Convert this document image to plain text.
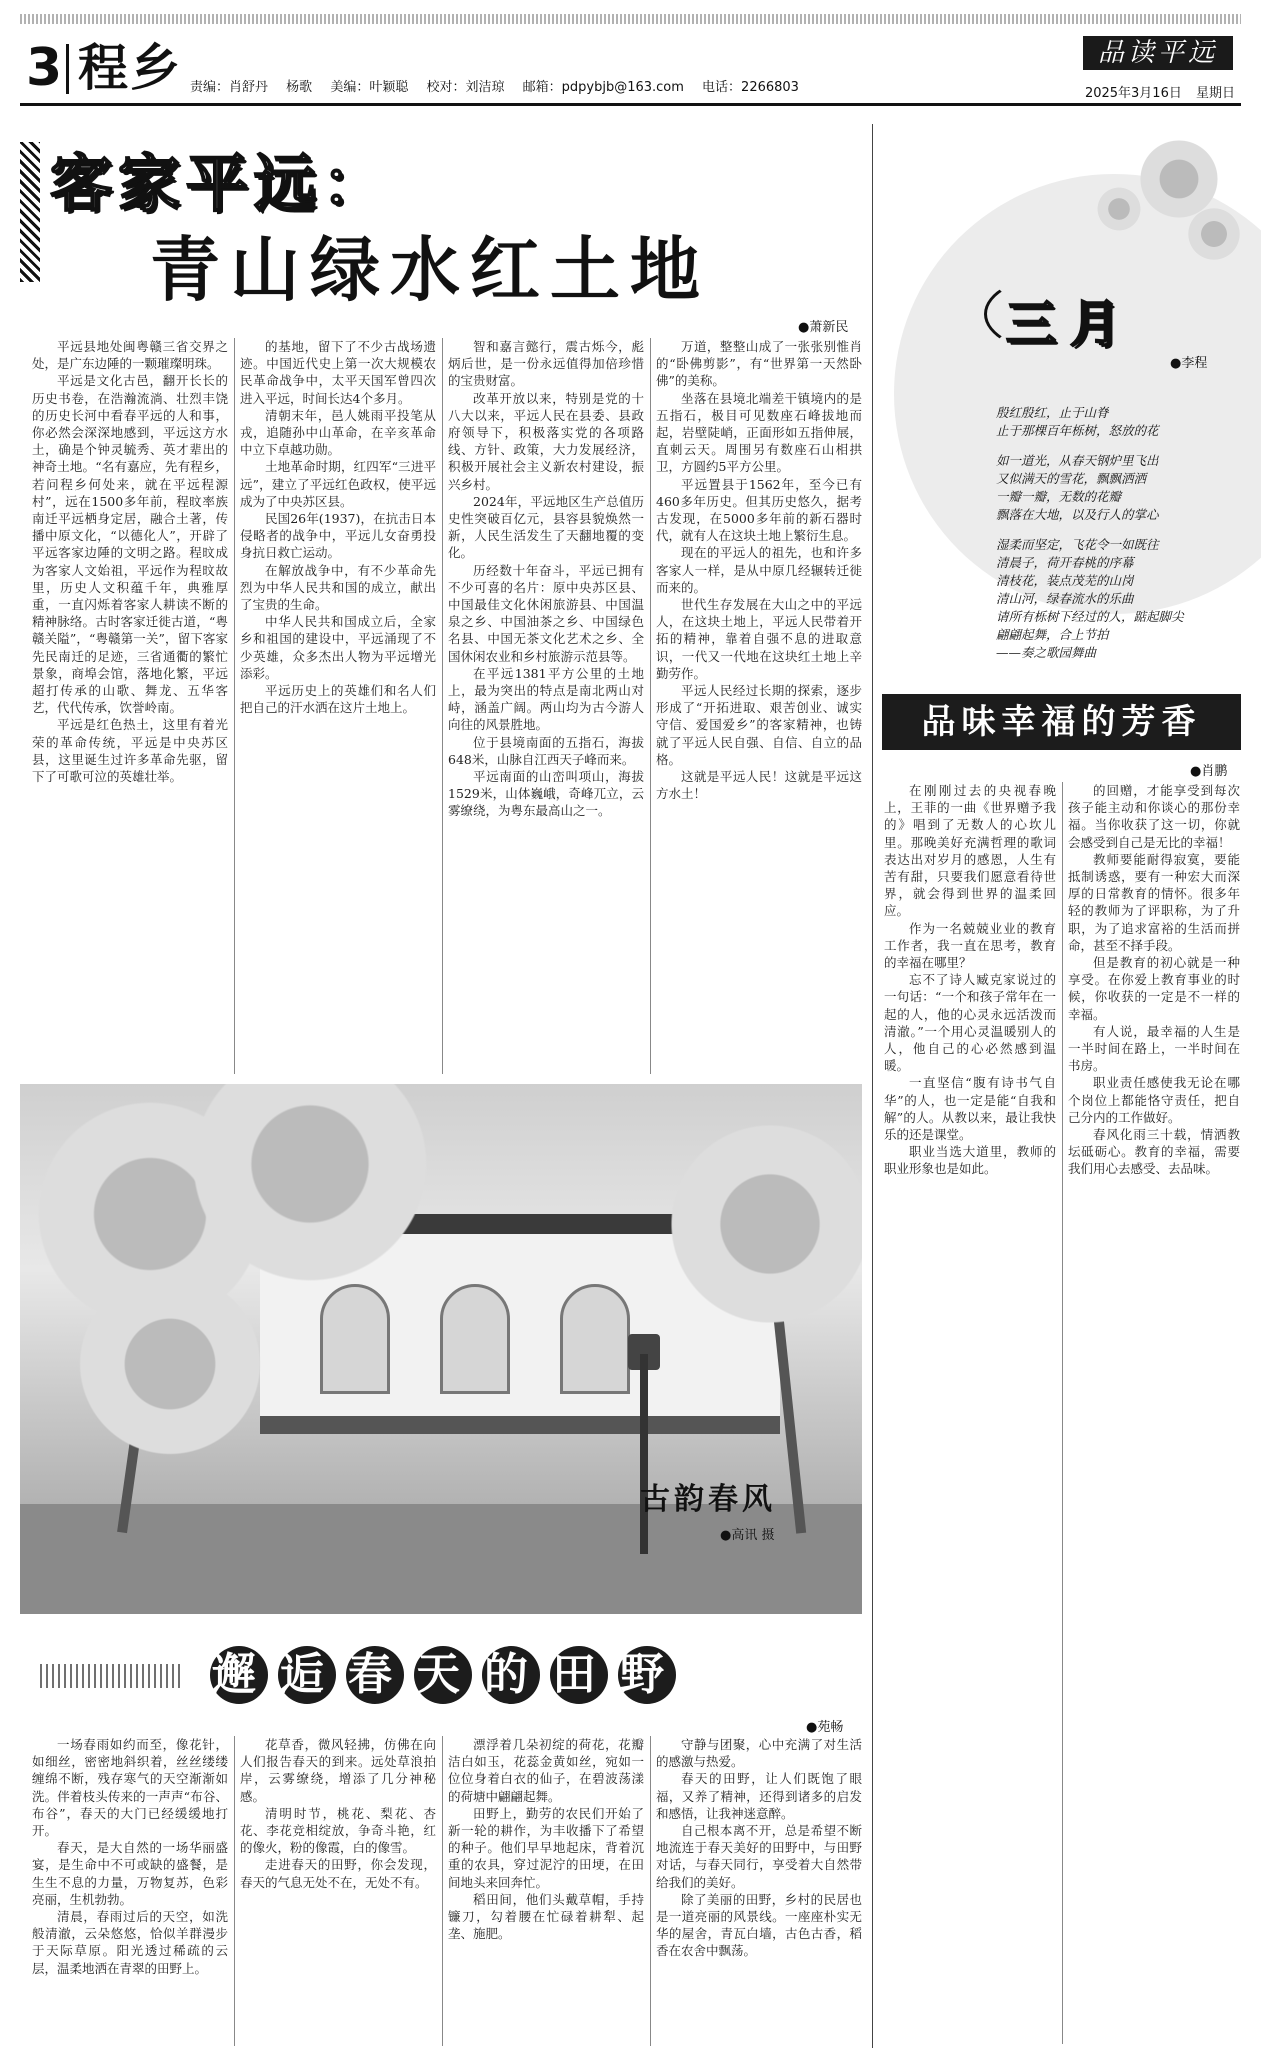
3 程乡 责编：肖舒丹 杨歌 美编：叶颖聪 校对：刘洁琼 邮箱：pdpybjb@163.com 电话：2266803
品读平远
2025年3月16日 星期日
客家平远：
青山绿水红土地
●萧新民

平远县地处闽粤赣三省交界之处，是广东边陲的一颗璀璨明珠。

平远是文化古邑，翻开长长的历史书卷，在浩瀚流淌、壮烈丰饶的历史长河中看春平远的人和事，你必然会深深地感到，平远这方水土，确是个钟灵毓秀、英才辈出的神奇土地。“名有嘉应，先有程乡，若问程乡何处来，就在平远程源村”，远在1500多年前，程旼率族南迁平远栖身定居，融合土著，传播中原文化，“以德化人”，开辟了平远客家边陲的文明之路。程旼成为客家人文始祖，平远作为程旼故里，历史人文积蕴千年，典雅厚重，一直闪烁着客家人耕读不断的精神脉络。古时客家迁徙古道，“粤赣关隘”，“粤赣第一关”，留下客家先民南迁的足迹，三省通衢的繁忙景象，商埠会馆，落地化繁，平远超打传承的山歌、舞龙、五华客艺，代代传承，饮誉岭南。

平远是红色热土，这里有着光荣的革命传统，平远是中央苏区县，这里诞生过许多革命先驱，留下了可歌可泣的英雄壮举。

的基地，留下了不少古战场遗迹。中国近代史上第一次大规模农民革命战争中，太平天国军曾四次进入平远，时间长达4个多月。

清朝末年，邑人姚雨平投笔从戎，追随孙中山革命，在辛亥革命中立下卓越功勋。

土地革命时期，红四军“三进平远”，建立了平远红色政权，使平远成为了中央苏区县。

民国26年(1937)，在抗击日本侵略者的战争中，平远儿女奋勇投身抗日救亡运动。

在解放战争中，有不少革命先烈为中华人民共和国的成立，献出了宝贵的生命。

中华人民共和国成立后，全家乡和祖国的建设中，平远涌现了不少英雄，众多杰出人物为平远增光添彩。

平远历史上的英雄们和名人们把自己的汗水洒在这片土地上。

智和嘉言懿行，震古烁今，彪炳后世，是一份永远值得加倍珍惜的宝贵财富。

改革开放以来，特别是党的十八大以来，平远人民在县委、县政府领导下，积极落实党的各项路线、方针、政策，大力发展经济，积极开展社会主义新农村建设，振兴乡村。

2024年，平远地区生产总值历史性突破百亿元，县容县貌焕然一新，人民生活发生了天翻地覆的变化。

历经数十年奋斗，平远已拥有不少可喜的名片：原中央苏区县、中国最佳文化休闲旅游县、中国温泉之乡、中国油茶之乡、中国绿色名县、中国无茶文化艺术之乡、全国休闲农业和乡村旅游示范县等。

在平远1381平方公里的土地上，最为突出的特点是南北两山对峙，涵盖广阔。两山均为古今游人向往的风景胜地。

位于县境南面的五指石，海拔648米，山脉自江西天子峰而来。

平远南面的山峦叫项山，海拔1529米，山体巍峨，奇峰兀立，云雾缭绕，为粤东最高山之一。

万道，整整山成了一张张别惟肖的“卧佛剪影”，有“世界第一天然卧佛”的美称。

坐落在县境北端差干镇境内的是五指石，极目可见数座石峰拔地而起，岩壁陡峭，正面形如五指伸展，直刺云天。周围另有数座石山相拱卫，方圆约5平方公里。

平远置县于1562年，至今已有460多年历史。但其历史悠久，据考古发现，在5000多年前的新石器时代，就有人在这块土地上繁衍生息。

现在的平远人的祖先，也和许多客家人一样，是从中原几经辗转迁徙而来的。

世代生存发展在大山之中的平远人，在这块土地上，平远人民带着开拓的精神，靠着自强不息的进取意识，一代又一代地在这块红土地上辛勤劳作。

平远人民经过长期的探索，逐步形成了“开拓进取、艰苦创业、诚实守信、爱国爱乡”的客家精神，也铸就了平远人民自强、自信、自立的品格。

这就是平远人民！这就是平远这方水土！

三月
●李程
殷红殷红，止于山脊
止于那棵百年栎树，怒放的花
如一道光，从春天钢炉里飞出
又似满天的雪花，飘飘洒洒
一瓣一瓣，无数的花瓣
飘落在大地，以及行人的掌心
湿柔而坚定，飞花令一如既往
清晨子，荷开春桃的序幕
清枝花，装点茂芜的山岗
清山河，绿春流水的乐曲
请所有栎树下经过的人，踮起脚尖
翩翩起舞，合上节拍
——奏之歌园舞曲
品味幸福的芳香
●肖鹏

在刚刚过去的央视春晚上，王菲的一曲《世界赠予我的》唱到了无数人的心坎儿里。那晚美好充满哲理的歌词表达出对岁月的感恩，人生有苦有甜，只要我们愿意看待世界，就会得到世界的温柔回应。

作为一名兢兢业业的教育工作者，我一直在思考，教育的幸福在哪里？

忘不了诗人臧克家说过的一句话：“一个和孩子常年在一起的人，他的心灵永远活泼而清澈。”一个用心灵温暖别人的人，他自己的心必然感到温暖。

一直坚信“腹有诗书气自华”的人，也一定是能“自我和解”的人。从教以来，最让我快乐的还是课堂。

职业当选大道里，教师的职业形象也是如此。

的回赠，才能享受到每次孩子能主动和你谈心的那份幸福。当你收获了这一切，你就会感受到自己是无比的幸福！

教师要能耐得寂寞，要能抵制诱惑，要有一种宏大而深厚的日常教育的情怀。很多年轻的教师为了评职称，为了升职，为了追求富裕的生活而拼命，甚至不择手段。

但是教育的初心就是一种享受。在你爱上教育事业的时候，你收获的一定是不一样的幸福。

有人说，最幸福的人生是一半时间在路上，一半时间在书房。

职业责任感使我无论在哪个岗位上都能恪守责任，把自己分内的工作做好。

春风化雨三十载，情洒教坛砥砺心。教育的幸福，需要我们用心去感受、去品味。

古韵春风
●高讯 摄
邂 逅 春 天 的 田 野
●苑畅

一场春雨如约而至，像花针，如细丝，密密地斜织着，丝丝缕缕缠绵不断，残存寒气的天空渐渐如洗。伴着枝头传来的一声声“布谷、布谷”，春天的大门已经缓缓地打开。

春天，是大自然的一场华丽盛宴，是生命中不可或缺的盛餐，是生生不息的力量，万物复苏，色彩亮丽，生机勃勃。

清晨，春雨过后的天空，如洗般清澈，云朵悠悠，恰似羊群漫步于天际草原。阳光透过稀疏的云层，温柔地洒在青翠的田野上。

花草香，微风轻拂，仿佛在向人们报告春天的到来。远处草浪拍岸，云雾缭绕，增添了几分神秘感。

清明时节，桃花、梨花、杏花、李花竞相绽放，争奇斗艳，红的像火，粉的像霞，白的像雪。

走进春天的田野，你会发现，春天的气息无处不在，无处不有。

漂浮着几朵初绽的荷花，花瓣洁白如玉，花蕊金黄如丝，宛如一位位身着白衣的仙子，在碧波荡漾的荷塘中翩翩起舞。

田野上，勤劳的农民们开始了新一轮的耕作，为丰收播下了希望的种子。他们早早地起床，背着沉重的农具，穿过泥泞的田埂，在田间地头来回奔忙。

稻田间，他们头戴草帽，手持镰刀，勾着腰在忙碌着耕犁、起垄、施肥。

守静与团聚，心中充满了对生活的感激与热爱。

春天的田野，让人们既饱了眼福，又养了精神，还得到诸多的启发和感悟，让我神迷意醉。

自己根本离不开，总是希望不断地流连于春天美好的田野中，与田野对话，与春天同行，享受着大自然带给我们的美好。

除了美丽的田野，乡村的民居也是一道亮丽的风景线。一座座朴实无华的屋舍，青瓦白墙，古色古香，稻香在农舍中飘荡。
